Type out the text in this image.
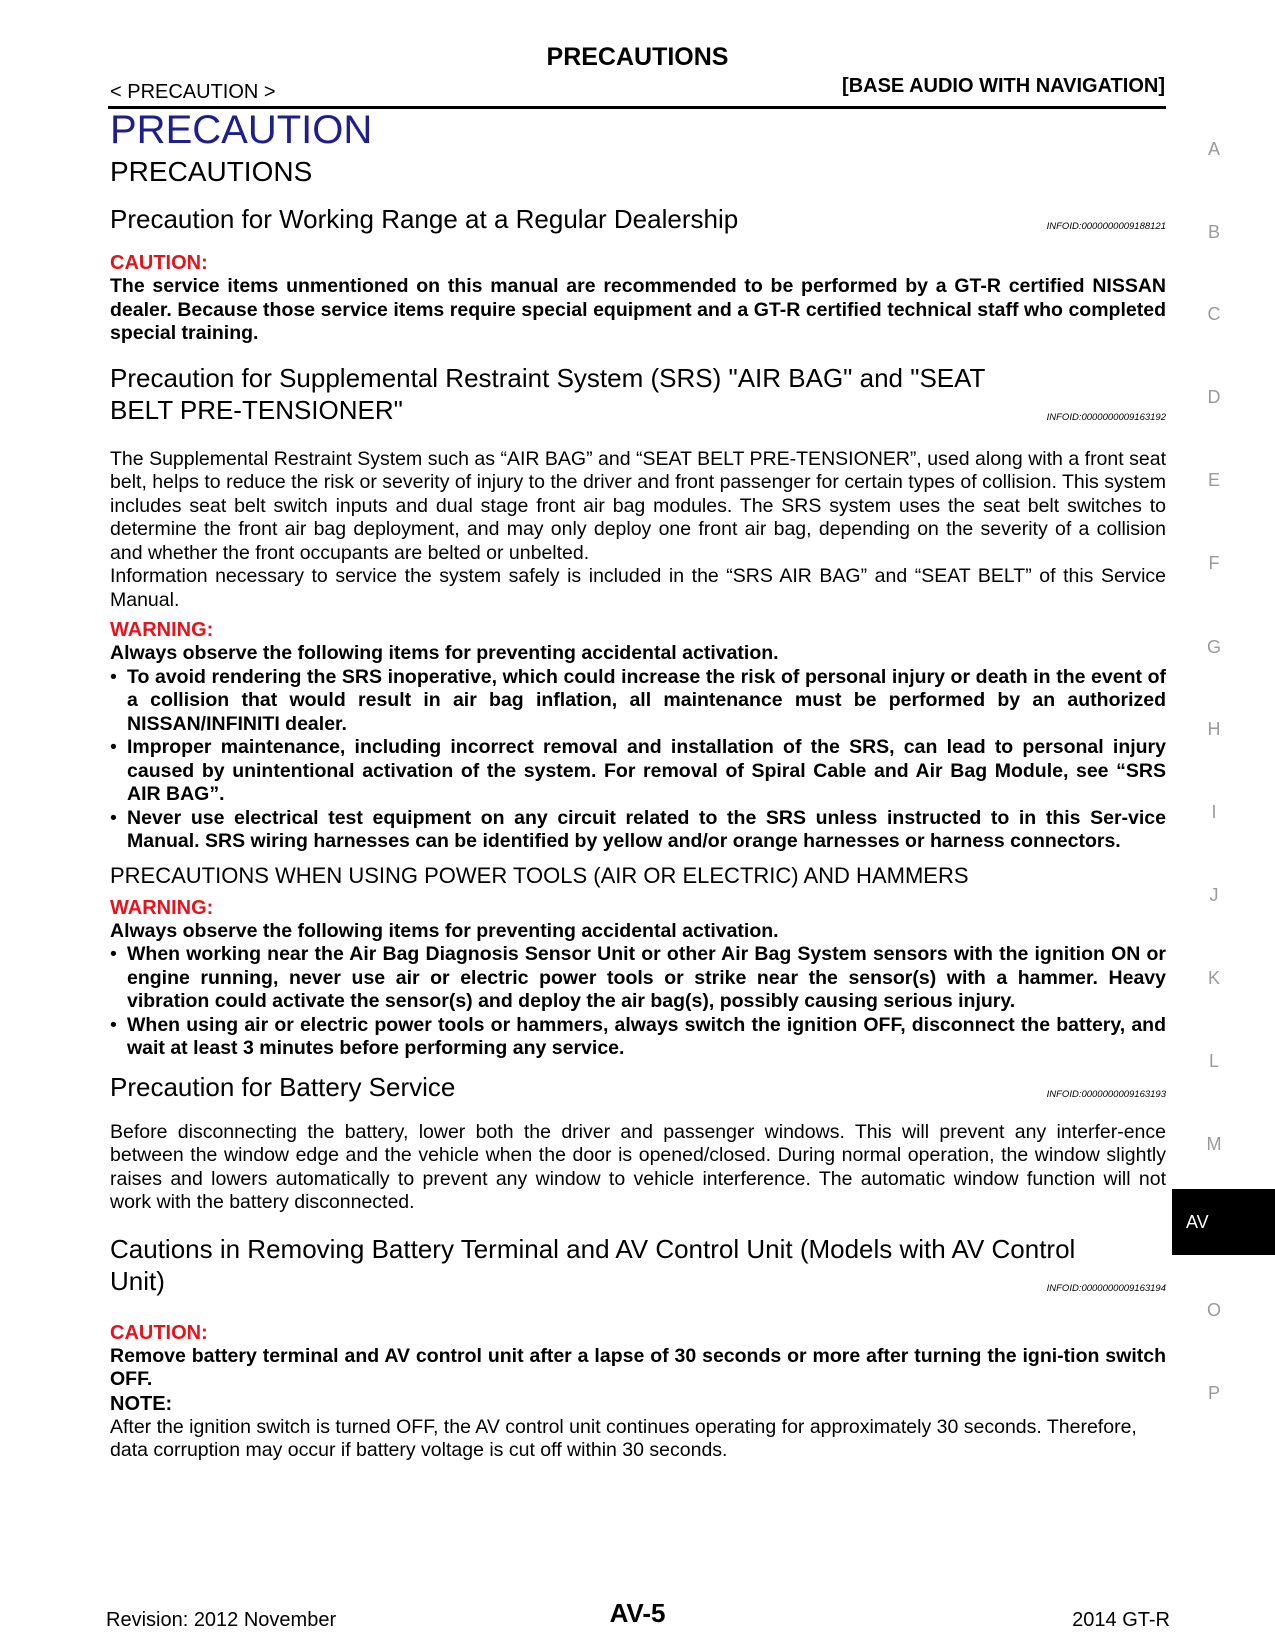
PRECAUTIONS
< PRECAUTION >	[BASE AUDIO WITH NAVIGATION]
PRECAUTION
PRECAUTIONS
Precaution for Working Range at a Regular Dealership	INFOID:0000000009188121
CAUTION:

The service items unmentioned on this manual are recommended to be performed by a GT-R certified NISSAN dealer. Because those service items require special equipment and a GT-R certified technical staff who completed special training.

Precaution for Supplemental Restraint System (SRS) "AIR BAG" and "SEAT BELT PRE-TENSIONER"	INFOID:0000000009163192

The Supplemental Restraint System such as “AIR BAG” and “SEAT BELT PRE-TENSIONER”, used along with a front seat belt, helps to reduce the risk or severity of injury to the driver and front passenger for certain types of collision. This system includes seat belt switch inputs and dual stage front air bag modules. The SRS system uses the seat belt switches to determine the front air bag deployment, and may only deploy one front air bag, depending on the severity of a collision and whether the front occupants are belted or unbelted.

Information necessary to service the system safely is included in the “SRS AIR BAG” and “SEAT BELT” of this Service Manual.

WARNING:

Always observe the following items for preventing accidental activation.

• To avoid rendering the SRS inoperative, which could increase the risk of personal injury or death in the event of a collision that would result in air bag inflation, all maintenance must be performed by an authorized NISSAN/INFINITI dealer.
• Improper maintenance, including incorrect removal and installation of the SRS, can lead to personal injury caused by unintentional activation of the system. For removal of Spiral Cable and Air Bag Module, see “SRS AIR BAG”.
• Never use electrical test equipment on any circuit related to the SRS unless instructed to in this Ser-vice Manual. SRS wiring harnesses can be identified by yellow and/or orange harnesses or harness connectors.
PRECAUTIONS WHEN USING POWER TOOLS (AIR OR ELECTRIC) AND HAMMERS
WARNING:

Always observe the following items for preventing accidental activation.

• When working near the Air Bag Diagnosis Sensor Unit or other Air Bag System sensors with the ignition ON or engine running, never use air or electric power tools or strike near the sensor(s) with a hammer. Heavy vibration could activate the sensor(s) and deploy the air bag(s), possibly causing serious injury.
• When using air or electric power tools or hammers, always switch the ignition OFF, disconnect the battery, and wait at least 3 minutes before performing any service.
Precaution for Battery Service	INFOID:0000000009163193

Before disconnecting the battery, lower both the driver and passenger windows. This will prevent any interfer-ence between the window edge and the vehicle when the door is opened/closed. During normal operation, the window slightly raises and lowers automatically to prevent any window to vehicle interference. The automatic window function will not work with the battery disconnected.

Cautions in Removing Battery Terminal and AV Control Unit (Models with AV Control Unit)	INFOID:0000000009163194
CAUTION:

Remove battery terminal and AV control unit after a lapse of 30 seconds or more after turning the igni-tion switch OFF.

NOTE:

After the ignition switch is turned OFF, the AV control unit continues operating for approximately 30 seconds. Therefore, data corruption may occur if battery voltage is cut off within 30 seconds.

A
B
C
D
E
F
G
H
I
J
K
L
M
AV
O
P
Revision: 2012 November	AV-5	2014 GT-R
